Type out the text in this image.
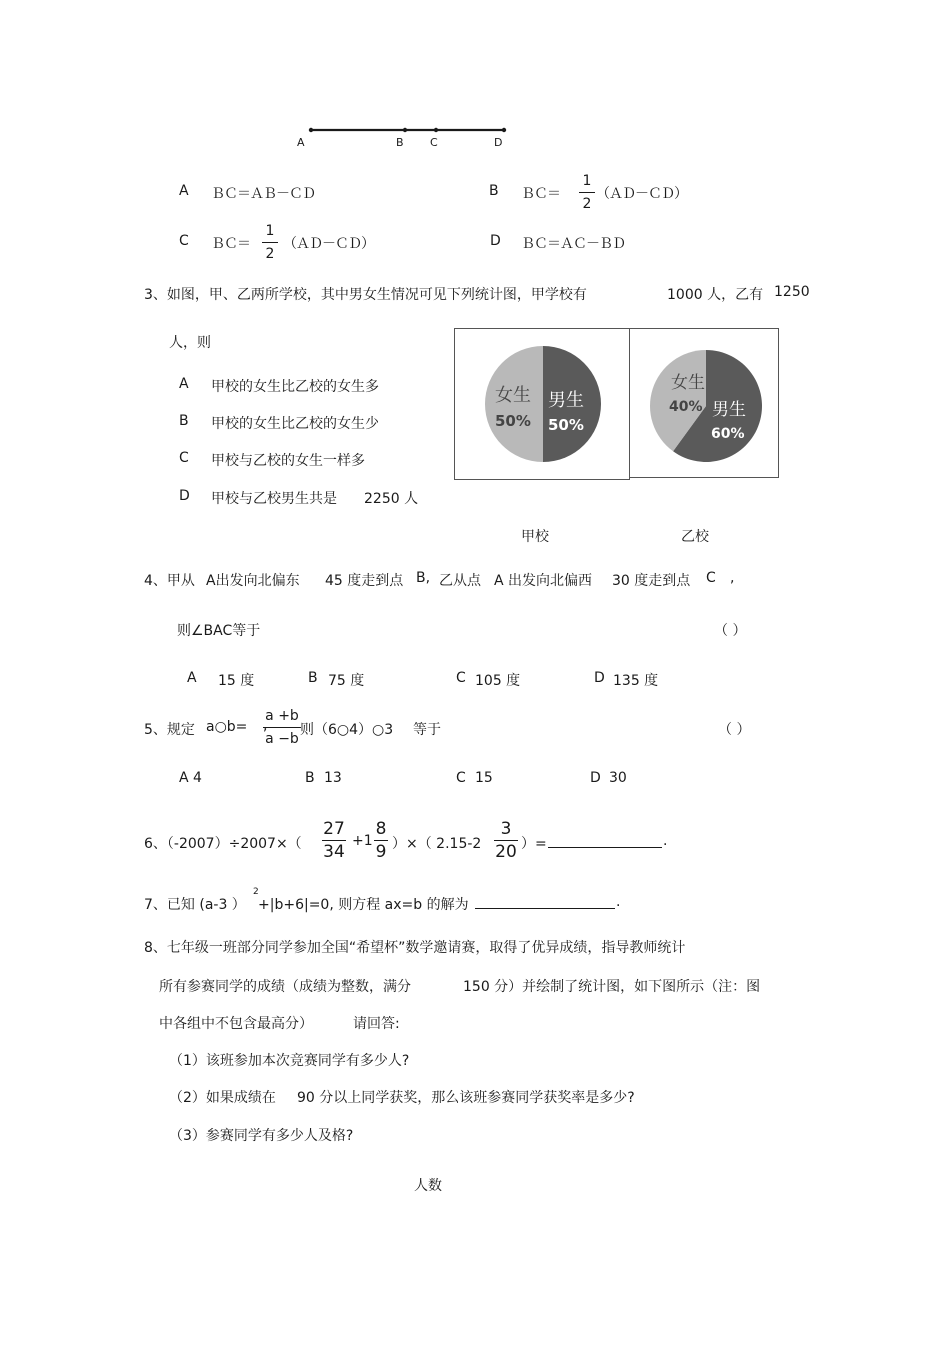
A	B C	D
A ＢＣ＝ＡＢ－ＣＤ	B ＢＣ＝
1
2
（ＡＤ－ＣＤ）
C ＢＣ＝
1
2
（ＡＤ－ＣＤ）	D ＢＣ＝ＡＣ－ＢＤ
3、如图，甲、乙两所学校，其中男女生情况可见下列统计图，甲学校有	1000 人，乙有 1250
人，则
A 甲校的女生比乙校的女生多
B 甲校的女生比乙校的女生少
C 甲校与乙校的女生一样多
D 甲校与乙校男生共是 2250 人
女生
50%
男生
50%
女生
40% 男生
60%
甲校	乙校
4、甲从 A出发向北偏东 45 度走到点 B, 乙从点 A 出发向北偏西 30 度走到点 C ,
则∠BAC等于	（ ）
A 15 度	B 75 度	C 105 度	D 135 度
5、规定 a○b=
a +b
a −b
, 则（6○4）○3 等于	（ ）
A 4	B 13	C 15	D 30
6、（-2007）÷2007×（
27
34
+1
8
9 ）×（ 2.15-2
3
20 ）=	.
7、已知 (a-3 ）
2
+|b+6|=0, 则方程 ax=b 的解为	.
8、七年级一班部分同学参加全国“希望杯”数学邀请赛，取得了优异成绩，指导教师统计
所有参赛同学的成绩（成绩为整数，满分	150 分）并绘制了统计图，如下图所示（注：图
中各组中不包含最高分）	请回答:
（1）该班参加本次竞赛同学有多少人?
（2）如果成绩在 90 分以上同学获奖，那么该班参赛同学获奖率是多少?
（3）参赛同学有多少人及格?
人数
